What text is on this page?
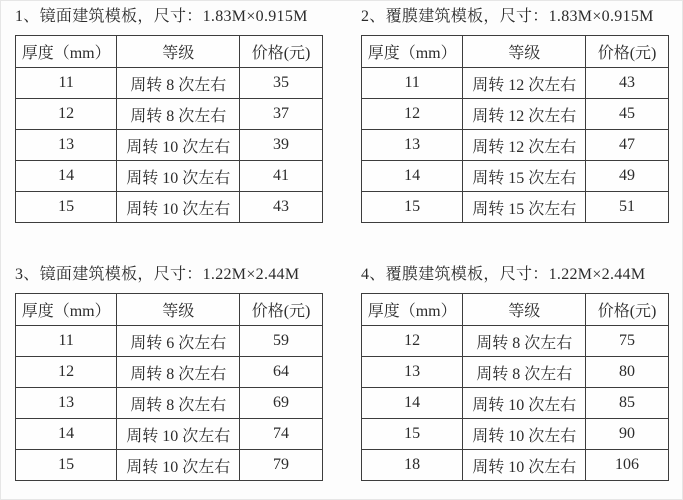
1、镜面建筑模板，尺寸：1.83M×0.915M
厚度（mm）	等级	价格(元)
11	周转 8 次左右	35
12	周转 8 次左右	37
13	周转 10 次左右	39
14	周转 10 次左右	41
15	周转 10 次左右	43
2、覆膜建筑模板，尺寸：1.83M×0.915M
厚度（mm）	等级	价格(元)
11	周转 12 次左右	43
12	周转 12 次左右	45
13	周转 12 次左右	47
14	周转 15 次左右	49
15	周转 15 次左右	51
3、镜面建筑模板，尺寸：1.22M×2.44M
厚度（mm）	等级	价格(元)
11	周转 6 次左右	59
12	周转 8 次左右	64
13	周转 8 次左右	69
14	周转 10 次左右	74
15	周转 10 次左右	79
4、覆膜建筑模板，尺寸：1.22M×2.44M
厚度（mm）	等级	价格(元)
12	周转 8 次左右	75
13	周转 8 次左右	80
14	周转 10 次左右	85
15	周转 10 次左右	90
18	周转 10 次左右	106
